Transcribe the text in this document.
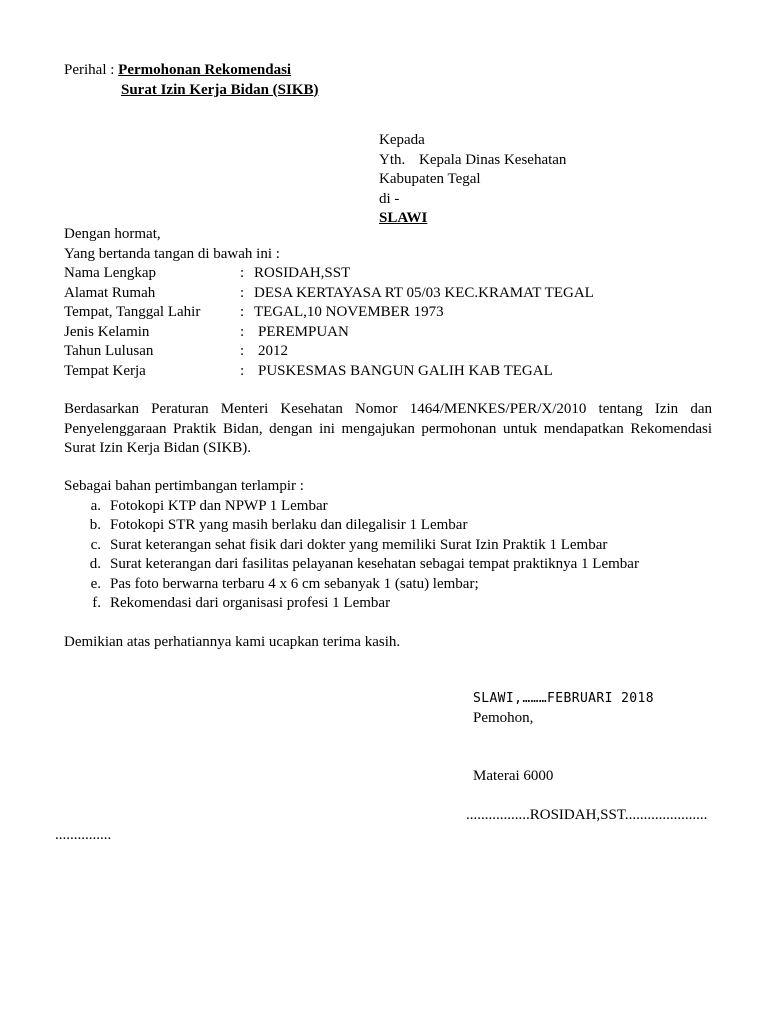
Perihal : Permohonan Rekomendasi
Surat Izin Kerja Bidan (SIKB)
Kepada
Yth. Kepala Dinas Kesehatan
Kabupaten Tegal
di -
SLAWI
Dengan hormat,
Yang bertanda tangan di bawah ini :
Nama Lengkap	: ROSIDAH,SST
Alamat Rumah	: DESA KERTAYASA RT 05/03 KEC.KRAMAT TEGAL
Tempat, Tanggal Lahir	: TEGAL,10 NOVEMBER 1973
Jenis Kelamin	: PEREMPUAN
Tahun Lulusan	: 2012
Tempat Kerja	: PUSKESMAS BANGUN GALIH KAB TEGAL
Berdasarkan Peraturan Menteri Kesehatan Nomor 1464/MENKES/PER/X/2010 tentang Izin dan Penyelenggaraan Praktik Bidan, dengan ini mengajukan permohonan untuk mendapatkan Rekomendasi Surat Izin Kerja Bidan (SIKB).
Sebagai bahan pertimbangan terlampir :
a. Fotokopi KTP dan NPWP 1 Lembar
b. Fotokopi STR yang masih berlaku dan dilegalisir 1 Lembar
c. Surat keterangan sehat fisik dari dokter yang memiliki Surat Izin Praktik 1 Lembar
d. Surat keterangan dari fasilitas pelayanan kesehatan sebagai tempat praktiknya 1 Lembar
e. Pas foto berwarna terbaru 4 x 6 cm sebanyak 1 (satu) lembar;
f. Rekomendasi dari organisasi profesi 1 Lembar
Demikian atas perhatiannya kami ucapkan terima kasih.
SLAWI,………FEBRUARI 2018
Pemohon,
Materai 6000
.................ROSIDAH,SST......................
...............
